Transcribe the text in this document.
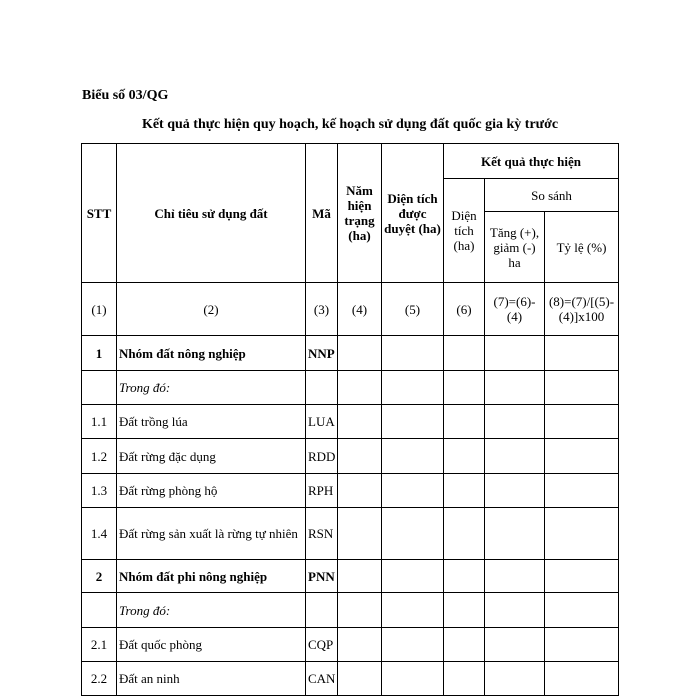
Biểu số 03/QG
Kết quả thực hiện quy hoạch, kế hoạch sử dụng đất quốc gia kỳ trước
STT	Chỉ tiêu sử dụng đất	Mã	Năm hiện trạng (ha)	Diện tích được duyệt (ha)	Kết quả thực hiện		
					Diện tích (ha)	So sánh	
						Tăng (+), giảm (-) ha	Tỷ lệ (%)
(1)	(2)	(3)	(4)	(5)	(6)	(7)=(6)-(4)	(8)=(7)/[(5)-(4)]x100
1	Nhóm đất nông nghiệp	NNP					
	Trong đó:						
1.1	Đất trồng lúa	LUA					
1.2	Đất rừng đặc dụng	RDD					
1.3	Đất rừng phòng hộ	RPH					
1.4	Đất rừng sản xuất là rừng tự nhiên	RSN					
2	Nhóm đất phi nông nghiệp	PNN					
	Trong đó:						
2.1	Đất quốc phòng	CQP					
2.2	Đất an ninh	CAN					
